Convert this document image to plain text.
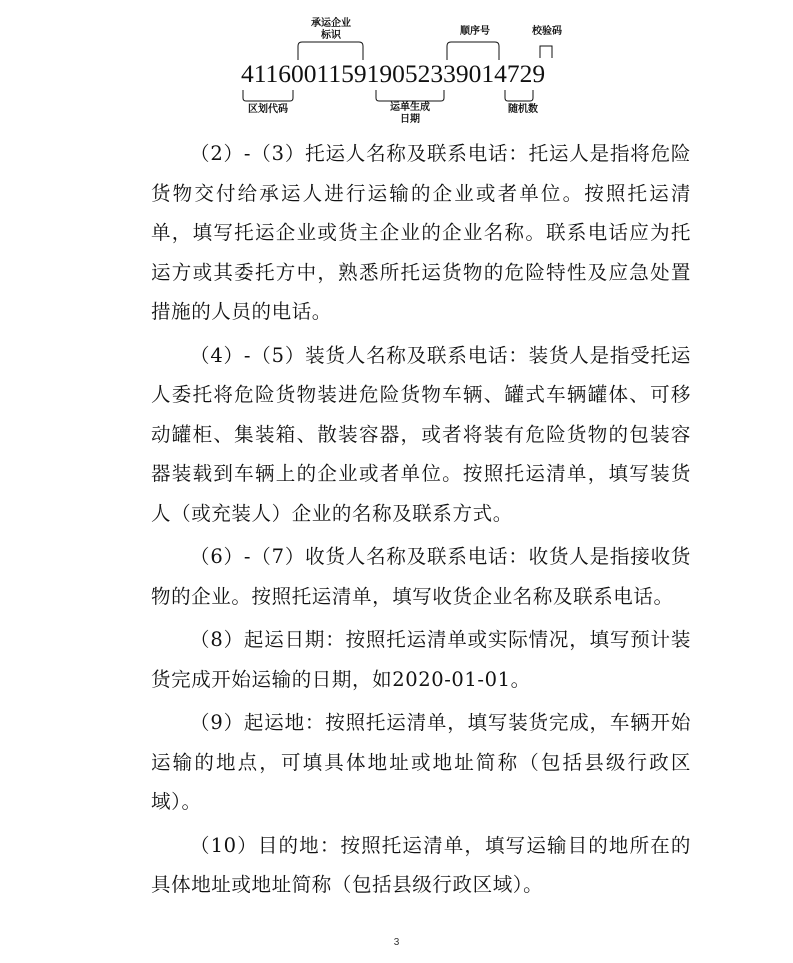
承运企业
标识	顺序号	校验码
411600115919052339014729
区划代码	运单生成
日期
随机数

（2）-（3）托运人名称及联系电话：托运人是指将危险货物交付给承运人进行运输的企业或者单位。按照托运清单，填写托运企业或货主企业的企业名称。联系电话应为托运方或其委托方中，熟悉所托运货物的危险特性及应急处置措施的人员的电话。

（4）-（5）装货人名称及联系电话：装货人是指受托运人委托将危险货物装进危险货物车辆、罐式车辆罐体、可移动罐柜、集装箱、散装容器，或者将装有危险货物的包装容器装载到车辆上的企业或者单位。按照托运清单，填写装货人（或充装人）企业的名称及联系方式。

（6）-（7）收货人名称及联系电话：收货人是指接收货物的企业。按照托运清单，填写收货企业名称及联系电话。

（8）起运日期：按照托运清单或实际情况，填写预计装货完成开始运输的日期，如2020-01-01。

（9）起运地：按照托运清单，填写装货完成，车辆开始运输的地点，可填具体地址或地址简称（包括县级行政区域）。

（10）目的地：按照托运清单，填写运输目的地所在的具体地址或地址简称（包括县级行政区域）。

3
